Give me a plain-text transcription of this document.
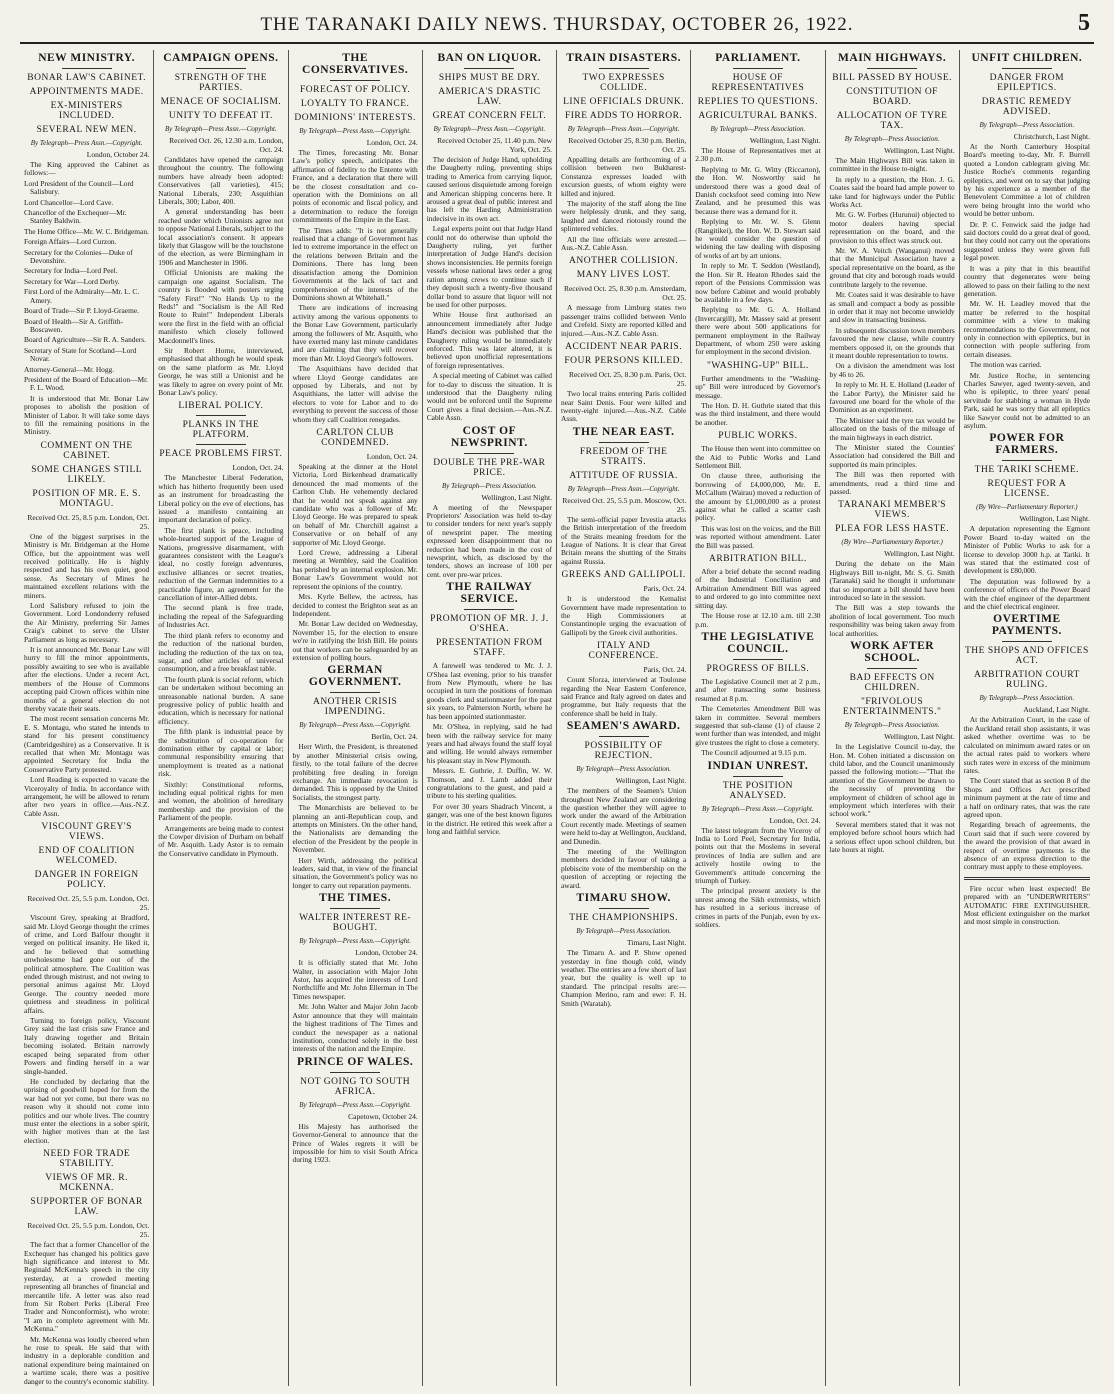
THE TARANAKI DAILY NEWS. THURSDAY, OCTOBER 26, 1922.	5
NEW MINISTRY.
BONAR LAW'S CABINET.
APPOINTMENTS MADE.
EX-MINISTERS INCLUDED.
SEVERAL NEW MEN.
By Telegraph—Press Assn.—Copyright.
London, October 24.

The King approved the Cabinet as follows:—

Lord President of the Council—Lord Salisbury.

Lord Chancellor—Lord Cave.

Chancellor of the Exchequer—Mr. Stanley Baldwin.

The Home Office—Mr. W. C. Bridgeman.

Foreign Affairs—Lord Curzon.

Secretary for the Colonies—Duke of Devonshire.

Secretary for India—Lord Peel.

Secretary for War—Lord Derby.

First Lord of the Admiralty—Mr. L. C. Amery.

Board of Trade—Sir P. Lloyd-Graeme.

Board of Health—Sir A. Griffith-Boscawen.

Board of Agriculture—Sir R. A. Sanders.

Secretary of State for Scotland—Lord Novar.

Attorney-General—Mr. Hogg.

President of the Board of Education—Mr. F. L. Wood.

It is understood that Mr. Bonar Law proposes to abolish the position of Minister of Labor. It will take some days to fill the remaining positions in the Ministry.

COMMENT ON THE CABINET.
SOME CHANGES STILL LIKELY.
POSITION OF MR. E. S. MONTAGU.
Received Oct. 25, 8.5 p.m. London, Oct. 25.

One of the biggest surprises in the Ministry is Mr. Bridgeman at the Home Office, but the appointment was well received politically. He is highly respected and has his own quiet, good sense. As Secretary of Mines he maintained excellent relations with the miners.

Lord Salisbury refused to join the Government. Lord Londonderry refused the Air Ministry, preferring Sir James Craig's cabinet to serve the Ulster Parliament as long as necessary.

It is not announced Mr. Bonar Law will hurry to fill the minor appointments, possibly awaiting to see who is available after the elections. Under a recent Act, members of the House of Commons accepting paid Crown offices within nine months of a general election do not thereby vacate their seats.

The most recent sensation concerns Mr. E. S. Montagu, who stated he intends to stand for his present constituency (Cambridgeshire) as a Conservative. It is recalled that when Mr. Montagu was appointed Secretary for India the Conservative Party protested.

Lord Reading is expected to vacate the Viceroyalty of India. In accordance with arrangement, he will be allowed to return after two years in office.—Aus.-N.Z. Cable Assn.

VISCOUNT GREY'S VIEWS.
END OF COALITION WELCOMED.
DANGER IN FOREIGN POLICY.
Received Oct. 25, 5.5 p.m. London, Oct. 25.

Viscount Grey, speaking at Bradford, said Mr. Lloyd George thought the crimes of crime, and Lord Balfour thought it verged on political insanity. He liked it, and he believed that something unwholesome had gone out of the political atmosphere. The Coalition was ended through mistrust, and not owing to personal animus against Mr. Lloyd George. The country needed more quietness and steadiness in political affairs.

Turning to foreign policy, Viscount Grey said the last crisis saw France and Italy drawing together and Britain becoming isolated. Britain narrowly escaped being separated from other Powers and finding herself in a war single-handed.

He concluded by declaring that the uprising of goodwill hoped for from the war had not yet come, but there was no reason why it should not come into politics and our whole lives. The country must enter the elections in a sober spirit, with higher motives than at the last election.

NEED FOR TRADE STABILITY.
VIEWS OF MR. R. MCKENNA.
SUPPORTER OF BONAR LAW.
Received Oct. 25, 5.5 p.m. London, Oct. 25.

The fact that a former Chancellor of the Exchequer has changed his politics gave high significance and interest to Mr. Reginald McKenna's speech in the city yesterday, at a crowded meeting representing all branches of financial and mercantile life. A letter was also read from Sir Robert Perks (Liberal Free Trader and Nonconformist), who wrote: "I am in complete agreement with Mr. McKenna."

Mr. McKenna was loudly cheered when he rose to speak. He said that with industry in a deplorable condition and national expenditure being maintained on a wartime scale, there was a positive danger to the country's economic stability.

CAMPAIGN OPENS.
STRENGTH OF THE PARTIES.
MENACE OF SOCIALISM.
UNITY TO DEFEAT IT.
By Telegraph—Press Assn.—Copyright.
Received Oct. 26, 12.30 a.m. London, Oct. 24.

Candidates have opened the campaign throughout the country. The following numbers have already been adopted: Conservatives (all varieties), 415; National Liberals, 230; Asquithian Liberals, 300; Labor, 400.

A general understanding has been reached under which Unionists agree not to oppose National Liberals, subject to the local association's consent. It appears likely that Glasgow will be the touchstone of the election, as were Birmingham in 1906 and Manchester in 1906.

Official Unionists are making the campaign one against Socialism. The country is flooded with posters urging "Safety First!" "No Hands Up to the Reds!" and "Socialism is the All Red Route to Ruin!" Independent Liberals were the first in the field with an official manifesto which closely followed Macdonnell's lines.

Sir Robert Horne, interviewed, emphasised that although he would speak on the same platform as Mr. Lloyd George, he was still a Unionist and he was likely to agree on every point of Mr. Bonar Law's policy.

LIBERAL POLICY.
PLANKS IN THE PLATFORM.
PEACE PROBLEMS FIRST.
London, Oct. 24.

The Manchester Liberal Federation, which has hitherto frequently been used as an instrument for broadcasting the Liberal policy on the eve of elections, has issued a manifesto containing an important declaration of policy.

The first plank is peace, including whole-hearted support of the League of Nations, progressive disarmament, with guarantees consistent with the League's ideal, no costly foreign adventures, exclusive alliances or secret treaties, reduction of the German indemnities to a practicable figure, an agreement for the cancellation of inter-Allied debts.

The second plank is free trade, including the repeal of the Safeguarding of Industries Act.

The third plank refers to economy and the reduction of the national burden, including the reduction of the tax on tea, sugar, and other articles of universal consumption, and a free breakfast table.

The fourth plank is social reform, which can be undertaken without becoming an unreasonable national burden. A sane progressive policy of public health and education, which is necessary for national efficiency.

The fifth plank is industrial peace by the substitution of co-operation for domination either by capital or labor; communal responsibility ensuring that unemployment is treated as a national risk.

Sixthly: Constitutional reforms, including equal political rights for men and women, the abolition of hereditary membership and the provision of the Parliament of the people.

Arrangements are being made to contest the Cowper division of Durham on behalf of Mr. Asquith. Lady Astor is to remain the Conservative candidate in Plymouth.

THE CONSERVATIVES.
FORECAST OF POLICY.
LOYALTY TO FRANCE.
DOMINIONS' INTERESTS.
By Telegraph—Press Assn.—Copyright.
London, Oct. 24.

The Times, forecasting Mr. Bonar Law's policy speech, anticipates the affirmation of fidelity to the Entente with France, and a declaration that there will be the closest consultation and co-operation with the Dominions on all points of economic and fiscal policy, and a determination to reduce the foreign commitments of the Empire in the East.

The Times adds: "It is not generally realised that a change of Government has led to extreme importance in the effect on the relations between Britain and the Dominions. There has long been dissatisfaction among the Dominion Governments at the lack of tact and comprehension of the interests of the Dominions shown at Whitehall."

There are indications of increasing activity among the various opponents to the Bonar Law Government, particularly among the followers of Mr. Asquith, who have exerted many last minute candidates and are claiming that they will recover more than Mr. Lloyd George's followers.

The Asquithians have decided that where Lloyd George candidates are opposed by Liberals, and not by Asquithians, the latter will advise the electors to vote for Labor and to do everything to prevent the success of those whom they call Coalition renegades.

CARLTON CLUB CONDEMNED.
London, Oct. 24.

Speaking at the dinner at the Hotel Victoria, Lord Birkenhead dramatically denounced the mad moments of the Carlton Club. He vehemently declared that he would not speak against any candidate who was a follower of Mr. Lloyd George. He was prepared to speak on behalf of Mr. Churchill against a Conservative or on behalf of any supporter of Mr. Lloyd George.

Lord Crewe, addressing a Liberal meeting at Wembley, said the Coalition has perished by an internal explosion. Mr. Bonar Law's Government would not represent the opinions of the country.

Mrs. Kyrle Bellew, the actress, has decided to contest the Brighton seat as an Independent.

Mr. Bonar Law decided on Wednesday, November 15, for the election to ensure we're in ratifying the Irish Bill. He points out that workers can be safeguarded by an extension of polling hours.

GERMAN GOVERNMENT.
ANOTHER CRISIS IMPENDING.
By Telegraph—Press Assn.—Copyright.
Berlin, Oct. 24.

Herr Wirth, the President, is threatened by another Ministerial crisis owing, firstly, to the total failure of the decree prohibiting free dealing in foreign exchange. An immediate revocation is demanded. This is opposed by the United Socialists, the strongest party.

The Monarchists are believed to be planning an anti-Republican coup, and attempts on Ministers. On the other hand, the Nationalists are demanding the election of the President by the people in November.

Herr Wirth, addressing the political leaders, said that, in view of the financial situation, the Government's policy was no longer to carry out reparation payments.

THE TIMES.
WALTER INTEREST RE-BOUGHT.
By Telegraph—Press Assn.—Copyright.
London, October 24.

It is officially stated that Mr. John Walter, in association with Major John Astor, has acquired the interests of Lord Northcliffe and Mr. John Ellerman in The Times newspaper.

Mr. John Walter and Major John Jacob Astor announce that they will maintain the highest traditions of The Times and conduct the newspaper as a national institution, conducted solely in the best interests of the nation and the Empire.

PRINCE OF WALES.
NOT GOING TO SOUTH AFRICA.
By Telegraph—Press Assn.—Copyright.
Capetown, October 24.

His Majesty has authorised the Governor-General to announce that the Prince of Wales regrets it will be impossible for him to visit South Africa during 1923.

BAN ON LIQUOR.
SHIPS MUST BE DRY.
AMERICA'S DRASTIC LAW.
GREAT CONCERN FELT.
By Telegraph—Press Assn.—Copyright.
Received October 25, 11.40 p.m. New York, Oct. 25.

The decision of Judge Hand, upholding the Daugherty ruling, preventing ships trading to America from carrying liquor, caused serious disquietude among foreign and American shipping concerns here. It aroused a great deal of public interest and has left the Harding Administration indecisive in its own act.

Legal experts point out that Judge Hand could not do otherwise than uphold the Daugherty ruling, yet further interpretation of Judge Hand's decision shows inconsistencies. He permits foreign vessels whose national laws order a grog ration among crews to continue such if they deposit such a twenty-five thousand dollar bond to assure that liquor will not be used for other purposes.

White House first authorised an announcement immediately after Judge Hand's decision was published that the Daugherty ruling would be immediately enforced. This was later altered, it is believed upon unofficial representations of foreign representatives.

A special meeting of Cabinet was called for to-day to discuss the situation. It is understood that the Daugherty ruling would not be enforced until the Supreme Court gives a final decision.—Aus.-N.Z. Cable Assn.

COST OF NEWSPRINT.
DOUBLE THE PRE-WAR PRICE.
By Telegraph—Press Association.
Wellington, Last Night.

A meeting of the Newspaper Proprietors' Association was held to-day to consider tenders for next year's supply of newsprint paper. The meeting expressed keen disappointment that no reduction had been made in the cost of newsprint, which, as disclosed by the tenders, shows an increase of 100 per cent. over pre-war prices.

THE RAILWAY SERVICE.
PROMOTION OF MR. J. J. O'SHEA.
PRESENTATION FROM STAFF.

A farewell was tendered to Mr. J. J. O'Shea last evening, prior to his transfer from New Plymouth, where he has occupied in turn the positions of foreman goods clerk and stationmaster for the past six years, to Palmerston North, where he has been appointed stationmaster.

Mr. O'Shea, in replying, said he had been with the railway service for many years and had always found the staff loyal and willing. He would always remember his pleasant stay in New Plymouth.

Messrs. E. Guthrie, J. Duffin, W. W. Thomson, and J. Lamb added their congratulations to the guest, and paid a tribute to his sterling qualities.

For over 30 years Shadrach Vincent, a ganger, was one of the best known figures in the district. He retired this week after a long and faithful service.

TRAIN DISASTERS.
TWO EXPRESSES COLLIDE.
LINE OFFICIALS DRUNK.
FIRE ADDS TO HORROR.
By Telegraph—Press Assn.—Copyright.
Received October 25, 8.30 p.m. Berlin, Oct. 25.

Appalling details are forthcoming of a collision between two Bukharest-Constanza expresses loaded with excursion guests, of whom eighty were killed and injured.

The majority of the staff along the line were helplessly drunk, and they sang, laughed and danced riotously round the splintered vehicles.

All the line officials were arrested.—Aus.-N.Z. Cable Assn.

ANOTHER COLLISION.
MANY LIVES LOST.
Received Oct. 25, 8.30 p.m. Amsterdam, Oct. 25.

A message from Limburg states two passenger trains collided between Venlo and Crefeld. Sixty are reported killed and injured.—Aus.-N.Z. Cable Assn.

ACCIDENT NEAR PARIS.
FOUR PERSONS KILLED.
Received Oct. 25, 8.30 p.m. Paris, Oct. 25.

Two local trains entering Paris collided near Saint Denis. Four were killed and twenty-eight injured.—Aus.-N.Z. Cable Assn.

THE NEAR EAST.
FREEDOM OF THE STRAITS.
ATTITUDE OF RUSSIA.
By Telegraph—Press Assn.—Copyright.
Received Oct. 25, 5.5 p.m. Moscow, Oct. 25.

The semi-official paper Izvestia attacks the British interpretation of the freedom of the Straits meaning freedom for the League of Nations. It is clear that Great Britain means the shutting of the Straits against Russia.

GREEKS AND GALLIPOLI.
Paris, Oct. 24.

It is understood the Kemalist Government have made representation to the High Commissioners at Constantinople urging the evacuation of Gallipoli by the Greek civil authorities.

ITALY AND CONFERENCE.
Paris, Oct. 24.

Count Sforza, interviewed at Toulouse regarding the Near Eastern Conference, said France and Italy agreed on dates and programme, but Italy requests that the conference shall be held in Italy.

SEAMEN'S AWARD.
POSSIBILITY OF REJECTION.
By Telegraph—Press Association.
Wellington, Last Night.

The members of the Seamen's Union throughout New Zealand are considering the question whether they will agree to work under the award of the Arbitration Court recently made. Meetings of seamen were held to-day at Wellington, Auckland, and Dunedin.

The meeting of the Wellington members decided in favour of taking a plebiscite vote of the membership on the question of accepting or rejecting the award.

TIMARU SHOW.
THE CHAMPIONSHIPS.
By Telegraph—Press Association.
Timaru, Last Night.

The Timaru A. and P. Show opened yesterday in fine though cold, windy weather. The entries are a few short of last year, but the quality is well up to standard. The principal results are:— Champion Merino, ram and ewe: F. H. Smith (Waratah).

PARLIAMENT.
HOUSE OF REPRESENTATIVES
REPLIES TO QUESTIONS.
AGRICULTURAL BANKS.
By Telegraph—Press Association.
Wellington, Last Night.

The House of Representatives met at 2.30 p.m.

Replying to Mr. G. Witty (Riccarton), the Hon. W. Nosworthy said he understood there was a good deal of Danish cocksfoot seed coming into New Zealand, and he presumed this was because there was a demand for it.

Replying to Mr. W. S. Glenn (Rangitikei), the Hon. W. D. Stewart said he would consider the question of widening the law dealing with disposing of works of art by art unions.

In reply to Mr. T. Seddon (Westland), the Hon. Sir R. Heaton Rhodes said the report of the Pensions Commission was now before Cabinet and would probably be available in a few days.

Replying to Mr. G. A. Holland (Invercargill), Mr. Massey said at present there were about 500 applications for permanent employment in the Railway Department, of whom 250 were asking for employment in the second division.

"WASHING-UP" BILL.

Further amendments to the "Washing-up" Bill were introduced by Governor's message.

The Hon. D. H. Guthrie stated that this was the third instalment, and there would be another.

PUBLIC WORKS.

The House then went into committee on the Aid to Public Works and Land Settlement Bill.

On clause three, authorising the borrowing of £4,000,000, Mr. E. McCallum (Wairau) moved a reduction of the amount by £1,000,000 as a protest against what he called a scatter cash policy.

This was lost on the voices, and the Bill was reported without amendment. Later the Bill was passed.

ARBITRATION BILL.

After a brief debate the second reading of the Industrial Conciliation and Arbitration Amendment Bill was agreed to and ordered to go into committee next sitting day.

The House rose at 12.10 a.m. till 2.30 p.m.

THE LEGISLATIVE COUNCIL.
PROGRESS OF BILLS.

The Legislative Council met at 2 p.m., and after transacting some business resumed at 8 p.m.

The Cemeteries Amendment Bill was taken in committee. Several members suggested that sub-clause (1) of clause 2 went further than was intended, and might give trustees the right to close a cemetery.

The Council adjourned at 9.15 p.m.

INDIAN UNREST.
THE POSITION ANALYSED.
By Telegraph—Press Assn.—Copyright.
London, Oct. 24.

The latest telegram from the Viceroy of India to Lord Peel, Secretary for India, points out that the Moslems in several provinces of India are sullen and are actively hostile owing to the Government's attitude concerning the triumph of Turkey.

The principal present anxiety is the unrest among the Sikh extremists, which has resulted in a serious increase of crimes in parts of the Punjab, even by ex-soldiers.

MAIN HIGHWAYS.
BILL PASSED BY HOUSE.
CONSTITUTION OF BOARD.
ALLOCATION OF TYRE TAX.
By Telegraph—Press Association.
Wellington, Last Night.

The Main Highways Bill was taken in committee in the House to-night.

In reply to a question, the Hon. J. G. Coates said the board had ample power to take land for highways under the Public Works Act.

Mr. G. W. Forbes (Hurunui) objected to motor dealers having special representation on the board, and the provision to this effect was struck out.

Mr. W. A. Veitch (Wanganui) moved that the Municipal Association have a special representative on the board, as the ground that city and borough roads would contribute largely to the revenue.

Mr. Coates said it was desirable to have as small and compact a body as possible in order that it may not become unwieldy and slow in transacting business.

In subsequent discussion town members favoured the new clause, while country members opposed it, on the grounds that it meant double representation to towns.

On a division the amendment was lost by 46 to 26.

In reply to Mr. H. E. Holland (Leader of the Labor Party), the Minister said he favoured one board for the whole of the Dominion as an experiment.

The Minister said the tyre tax would be allocated on the basis of the mileage of the main highways in each district.

The Minister stated the Counties' Association had considered the Bill and supported its main principles.

The Bill was then reported with amendments, read a third time and passed.

TARANAKI MEMBER'S VIEWS.
PLEA FOR LESS HASTE.
(By Wire—Parliamentary Reporter.)
Wellington, Last Night.

During the debate on the Main Highways Bill to-night, Mr. S. G. Smith (Taranaki) said he thought it unfortunate that so important a bill should have been introduced so late in the session.

The Bill was a step towards the abolition of local government. Too much responsibility was being taken away from local authorities.

WORK AFTER SCHOOL.
BAD EFFECTS ON CHILDREN.
"FRIVOLOUS ENTERTAINMENTS."
By Telegraph—Press Association.
Wellington, Last Night.

In the Legislative Council to-day, the Hon. M. Cohen initiated a discussion on child labor, and the Council unanimously passed the following motion:—"That the attention of the Government be drawn to the necessity of preventing the employment of children of school age in employment which interferes with their school work."

Several members stated that it was not employed before school hours which had a serious effect upon school children, but late hours at night.

UNFIT CHILDREN.
DANGER FROM EPILEPTICS.
DRASTIC REMEDY ADVISED.
By Telegraph—Press Association.
Christchurch, Last Night.

At the North Canterbury Hospital Board's meeting to-day, Mr. F. Burrell quoted a London cablegram giving Mr. Justice Roche's comments regarding epileptics, and went on to say that judging by his experience as a member of the Benevolent Committee a lot of children were being brought into the world who would be better unborn.

Dr. P. C. Fenwick said the judge had said doctors could do a great deal of good, but they could not carry out the operations suggested unless they were given full legal power.

It was a pity that in this beautiful country that degenerates were being allowed to pass on their failing to the next generation.

Mr. W. H. Leadley moved that the matter be referred to the hospital committee with a view to making recommendations to the Government, not only in connection with epileptics, but in connection with people suffering from certain diseases.

The motion was carried.

Mr. Justice Roche, in sentencing Charles Sawyer, aged twenty-seven, and who is epileptic, to three years' penal servitude for stabbing a woman in Hyde Park, said he was sorry that all epileptics like Sawyer could not be admitted to an asylum.

POWER FOR FARMERS.
THE TARIKI SCHEME.
REQUEST FOR A LICENSE.
(By Wire—Parliamentary Reporter.)
Wellington, Last Night.

A deputation representing the Egmont Power Board to-day waited on the Minister of Public Works to ask for a license to develop 3000 h.p. at Tariki. It was stated that the estimated cost of development is £80,000.

The deputation was followed by a conference of officers of the Power Board with the chief engineer of the department and the chief electrical engineer.

OVERTIME PAYMENTS.
THE SHOPS AND OFFICES ACT.
ARBITRATION COURT RULING.
By Telegraph—Press Association.
Auckland, Last Night.

At the Arbitration Court, in the case of the Auckland retail shop assistants, it was asked whether overtime was to be calculated on minimum award rates or on the actual rates paid to workers where such rates were in excess of the minimum rates.

The Court stated that as section 8 of the Shops and Offices Act prescribed minimum payment at the rate of time and a half on ordinary rates, that was the rate agreed upon.

Regarding breach of agreements, the Court said that if such were covered by the award the provision of that award in respect of overtime payments is the absence of an express direction to the contrary must apply to these employees.

Fire occur when least expected! Be prepared with an "UNDERWRITERS" AUTOMATIC FIRE EXTINGUISHER. Most efficient extinguisher on the market and most simple in construction.
